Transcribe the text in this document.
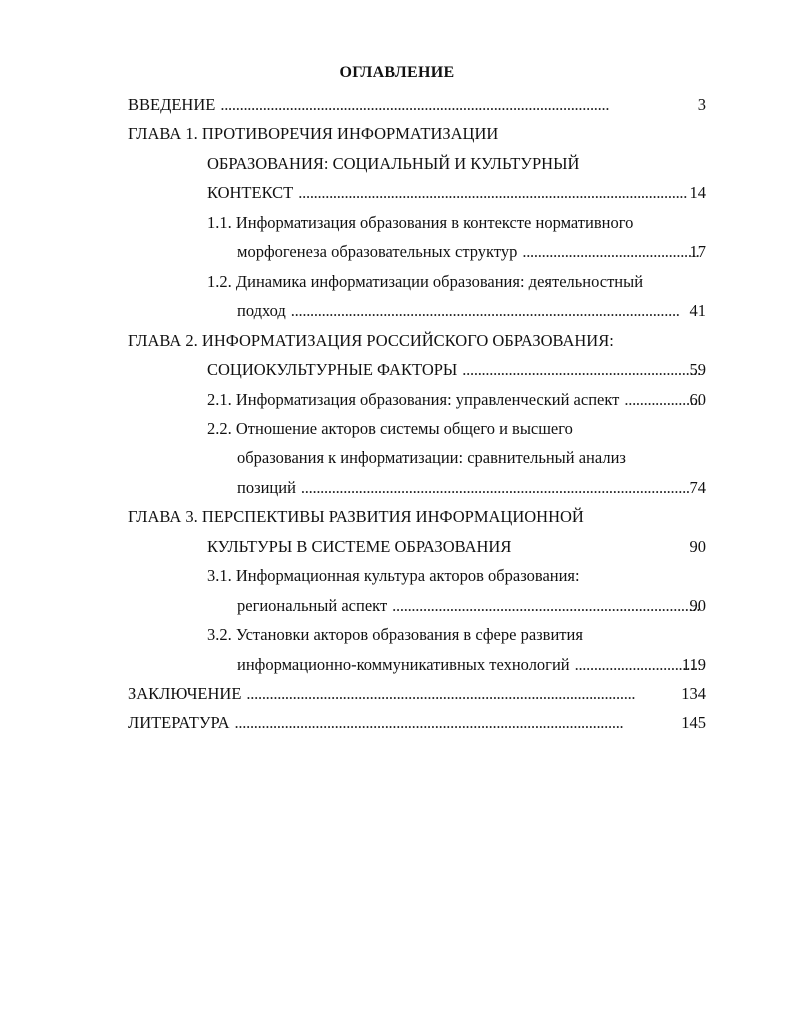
ОГЛАВЛЕНИЕ
ВВЕДЕНИЕ . . .	3
ГЛАВА 1. ПРОТИВОРЕЧИЯ ИНФОРМАТИЗАЦИИ
ОБРАЗОВАНИЯ: СОЦИАЛЬНЫЙ И КУЛЬТУРНЫЙ
КОНТЕКСТ . . .	14
1.1. Информатизация образования в контексте нормативного
морфогенеза образовательных структур . . .	17
1.2. Динамика информатизации образования: деятельностный
подход . . .	41
ГЛАВА 2. ИНФОРМАТИЗАЦИЯ РОССИЙСКОГО ОБРАЗОВАНИЯ:
СОЦИОКУЛЬТУРНЫЕ ФАКТОРЫ . . .	59
2.1. Информатизация образования: управленческий аспект . . .	60
2.2. Отношение акторов системы общего и высшего
образования к информатизации: сравнительный анализ
позиций . . .	74
ГЛАВА 3. ПЕРСПЕКТИВЫ РАЗВИТИЯ ИНФОРМАЦИОННОЙ
КУЛЬТУРЫ В СИСТЕМЕ ОБРАЗОВАНИЯ	90
3.1. Информационная культура акторов образования:
региональный аспект . . .	90
3.2. Установки акторов образования в сфере развития
информационно-коммуникативных технологий . . .	119
ЗАКЛЮЧЕНИЕ . . .	134
ЛИТЕРАТУРА . . .	145
